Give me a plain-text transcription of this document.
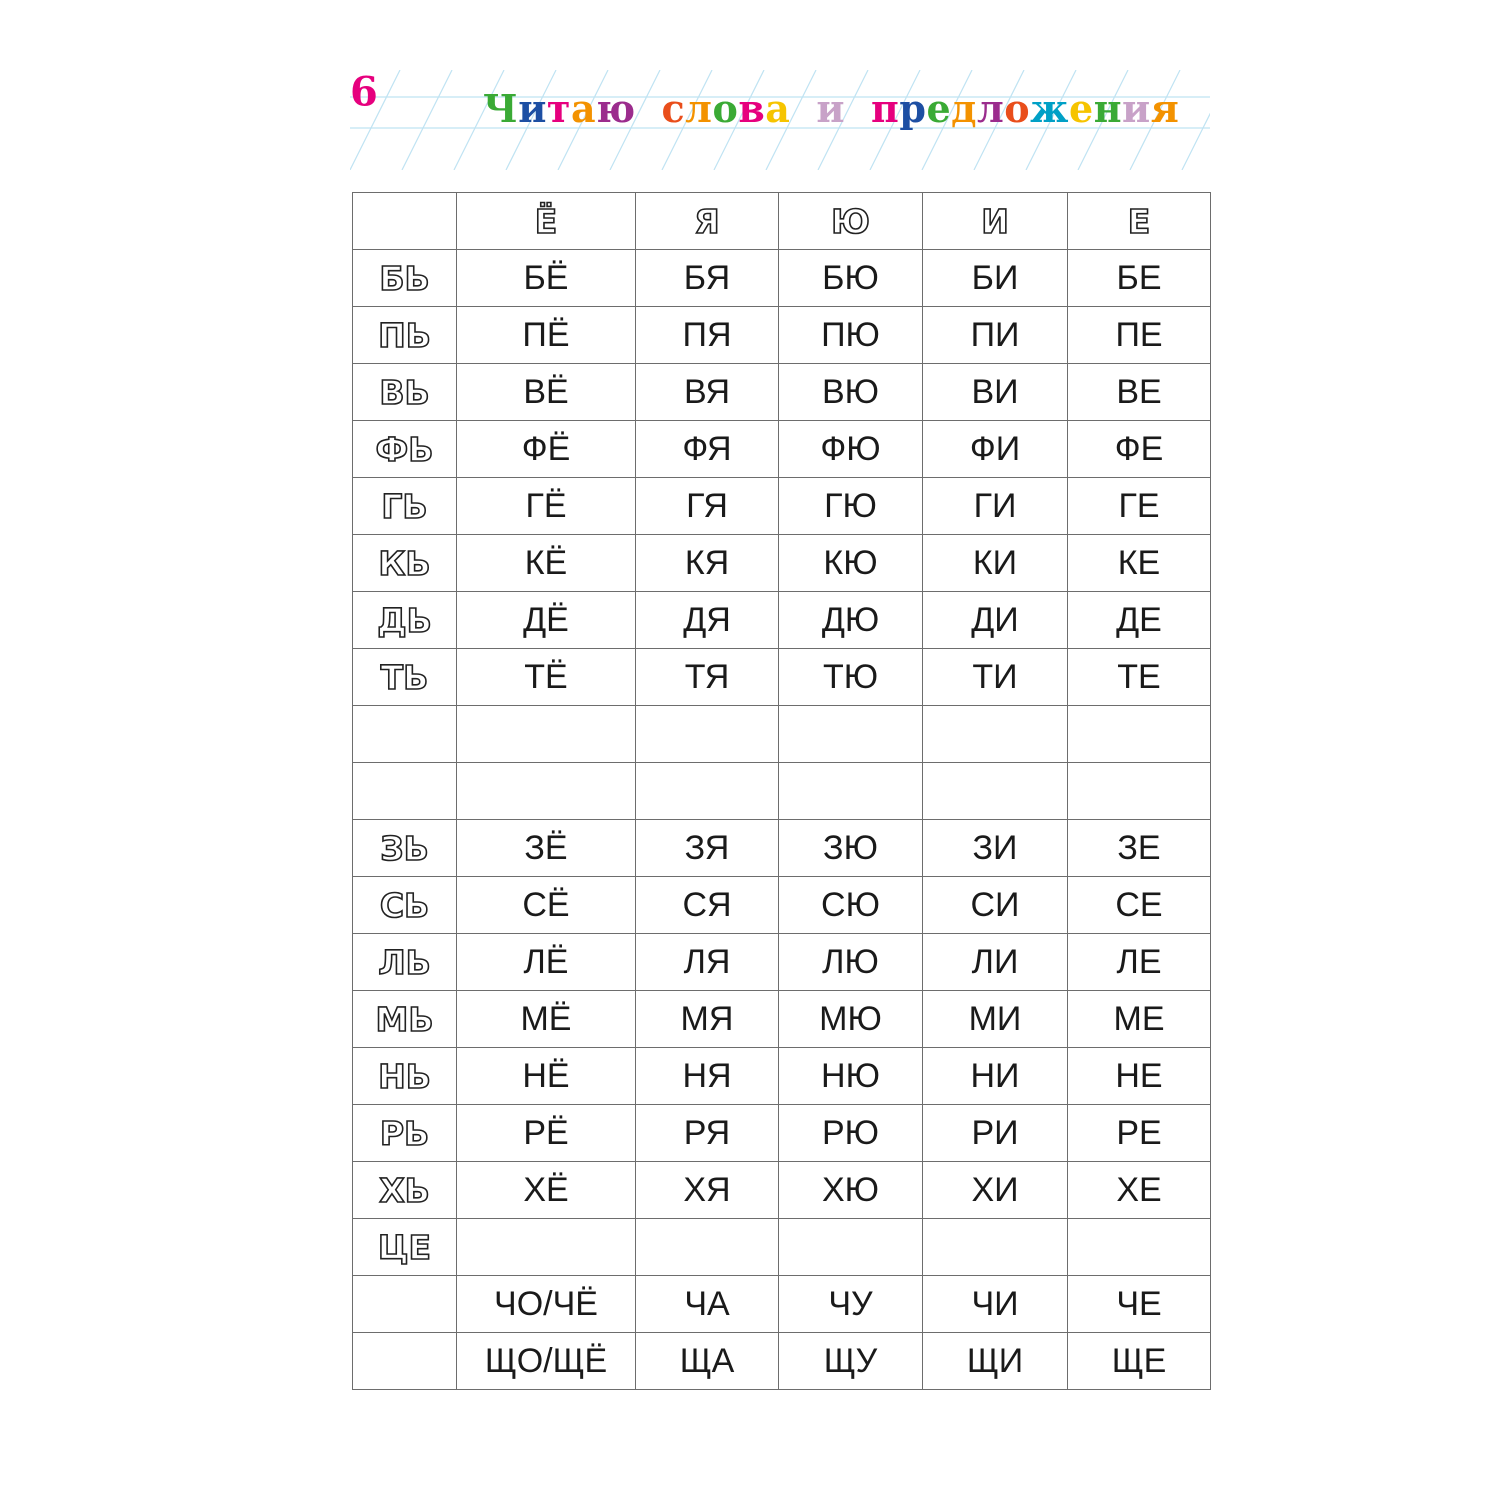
6	Читаю слова и предложения
	Ё	Я	Ю	И	Е
БЬ	БЁ	БЯ	БЮ	БИ	БЕ
ПЬ	ПЁ	ПЯ	ПЮ	ПИ	ПЕ
ВЬ	ВЁ	ВЯ	ВЮ	ВИ	ВЕ
ФЬ	ФЁ	ФЯ	ФЮ	ФИ	ФЕ
ГЬ	ГЁ	ГЯ	ГЮ	ГИ	ГЕ
КЬ	КЁ	КЯ	КЮ	КИ	КЕ
ДЬ	ДЁ	ДЯ	ДЮ	ДИ	ДЕ
ТЬ	ТЁ	ТЯ	ТЮ	ТИ	ТЕ

ЗЬ	ЗЁ	ЗЯ	ЗЮ	ЗИ	ЗЕ
СЬ	СЁ	СЯ	СЮ	СИ	СЕ
ЛЬ	ЛЁ	ЛЯ	ЛЮ	ЛИ	ЛЕ
МЬ	МЁ	МЯ	МЮ	МИ	МЕ
НЬ	НЁ	НЯ	НЮ	НИ	НЕ
РЬ	РЁ	РЯ	РЮ	РИ	РЕ
ХЬ	ХЁ	ХЯ	ХЮ	ХИ	ХЕ
ЦЕ					
	ЧО/ЧЁ	ЧА	ЧУ	ЧИ	ЧЕ
	ЩО/ЩЁ	ЩА	ЩУ	ЩИ	ЩЕ
